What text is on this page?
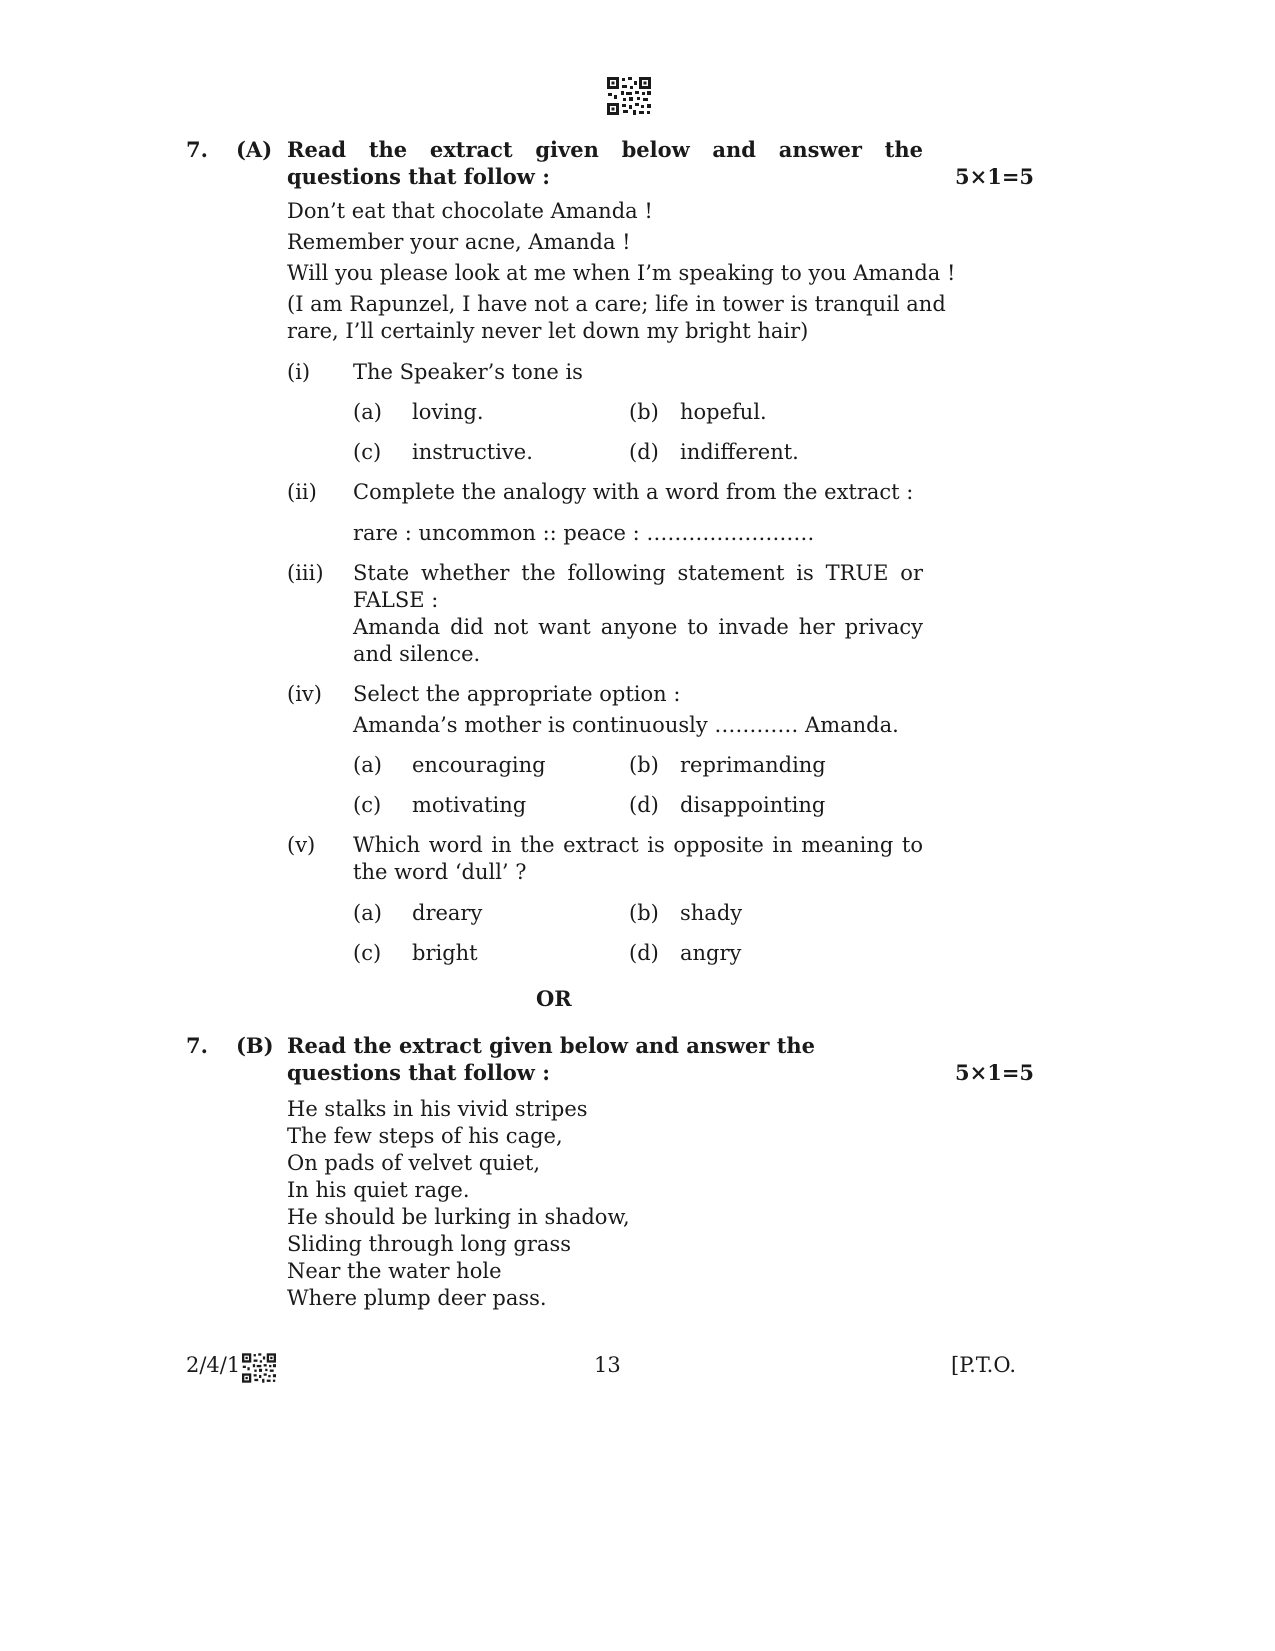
7. (A) Read the extract given below and answer the
questions that follow :	5×1=5
Don’t eat that chocolate Amanda !
Remember your acne, Amanda !
Will you please look at me when I’m speaking to you Amanda !
(I am Rapunzel, I have not a care; life in tower is tranquil and
rare, I’ll certainly never let down my bright hair)
(i) The Speaker’s tone is
(a) loving.	(b) hopeful.
(c) instructive.	(d) indifferent.
(ii) Complete the analogy with a word from the extract :
rare : uncommon :: peace : ……………………
(iii) State whether the following statement is TRUE or
FALSE :
Amanda did not want anyone to invade her privacy
and silence.
(iv) Select the appropriate option :
Amanda’s mother is continuously ………… Amanda.
(a) encouraging	(b) reprimanding
(c) motivating	(d) disappointing
(v) Which word in the extract is opposite in meaning to
the word ‘dull’ ?
(a) dreary	(b) shady
(c) bright	(d) angry
OR
7. (B) Read the extract given below and answer the
questions that follow :	5×1=5
He stalks in his vivid stripes
The few steps of his cage,
On pads of velvet quiet,
In his quiet rage.
He should be lurking in shadow,
Sliding through long grass
Near the water hole
Where plump deer pass.
2/4/1	13	[P.T.O.
